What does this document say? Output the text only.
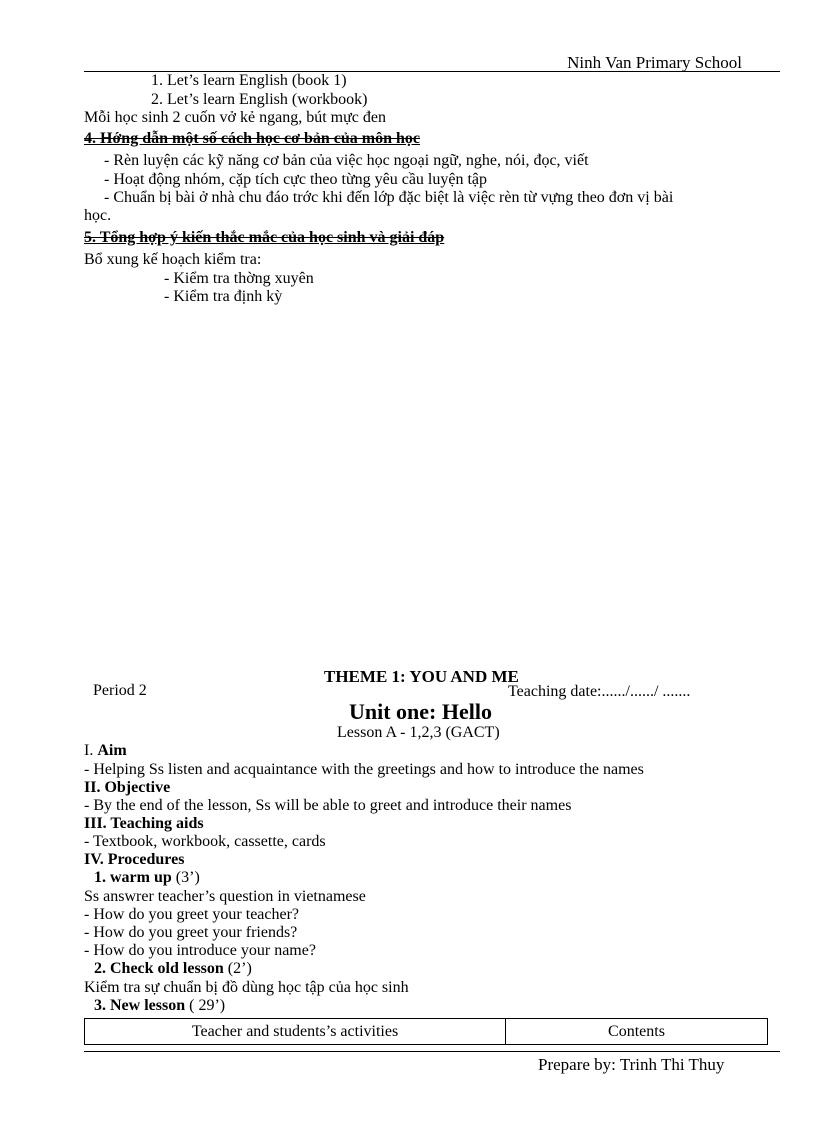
Ninh Van Primary School
1. Let’s learn English (book 1)
2. Let’s learn English (workbook)
Mỗi học sinh 2 cuốn vở kẻ ngang, bút mực đen
4. Hớng dẫn một số cách học cơ bản của môn học
- Rèn luyện các kỹ năng cơ bản của việc học ngoại ngữ, nghe, nói, đọc, viết
- Hoạt động nhóm, cặp tích cực theo từng yêu cầu luyện tập
- Chuẩn bị bài ở nhà chu đáo trớc khi đến lớp đặc biệt là việc rèn từ vựng theo đơn vị bài
học.
5. Tổng hợp ý kiến thắc mắc của học sinh và giải đáp
Bổ xung kế hoạch kiểm tra:
- Kiểm tra thờng xuyên
- Kiểm tra định kỳ
THEME 1: YOU AND ME
Period 2	Teaching date:....../....../ .......
Unit one: Hello
Lesson A - 1,2,3 (GACT)
I. Aim
- Helping Ss listen and acquaintance with the greetings and how to introduce the names
II. Objective
- By the end of the lesson, Ss will be able to greet and introduce their names
III. Teaching aids
- Textbook, workbook, cassette, cards
IV. Procedures
1. warm up (3’)
Ss answrer teacher’s question in vietnamese
- How do you greet your teacher?
- How do you greet your friends?
- How do you introduce your name?
2. Check old lesson (2’)
Kiểm tra sự chuẩn bị đồ dùng học tập của học sinh
3. New lesson ( 29’)
Teacher and students’s activities	Contents
Prepare by: Trinh Thi Thuy
